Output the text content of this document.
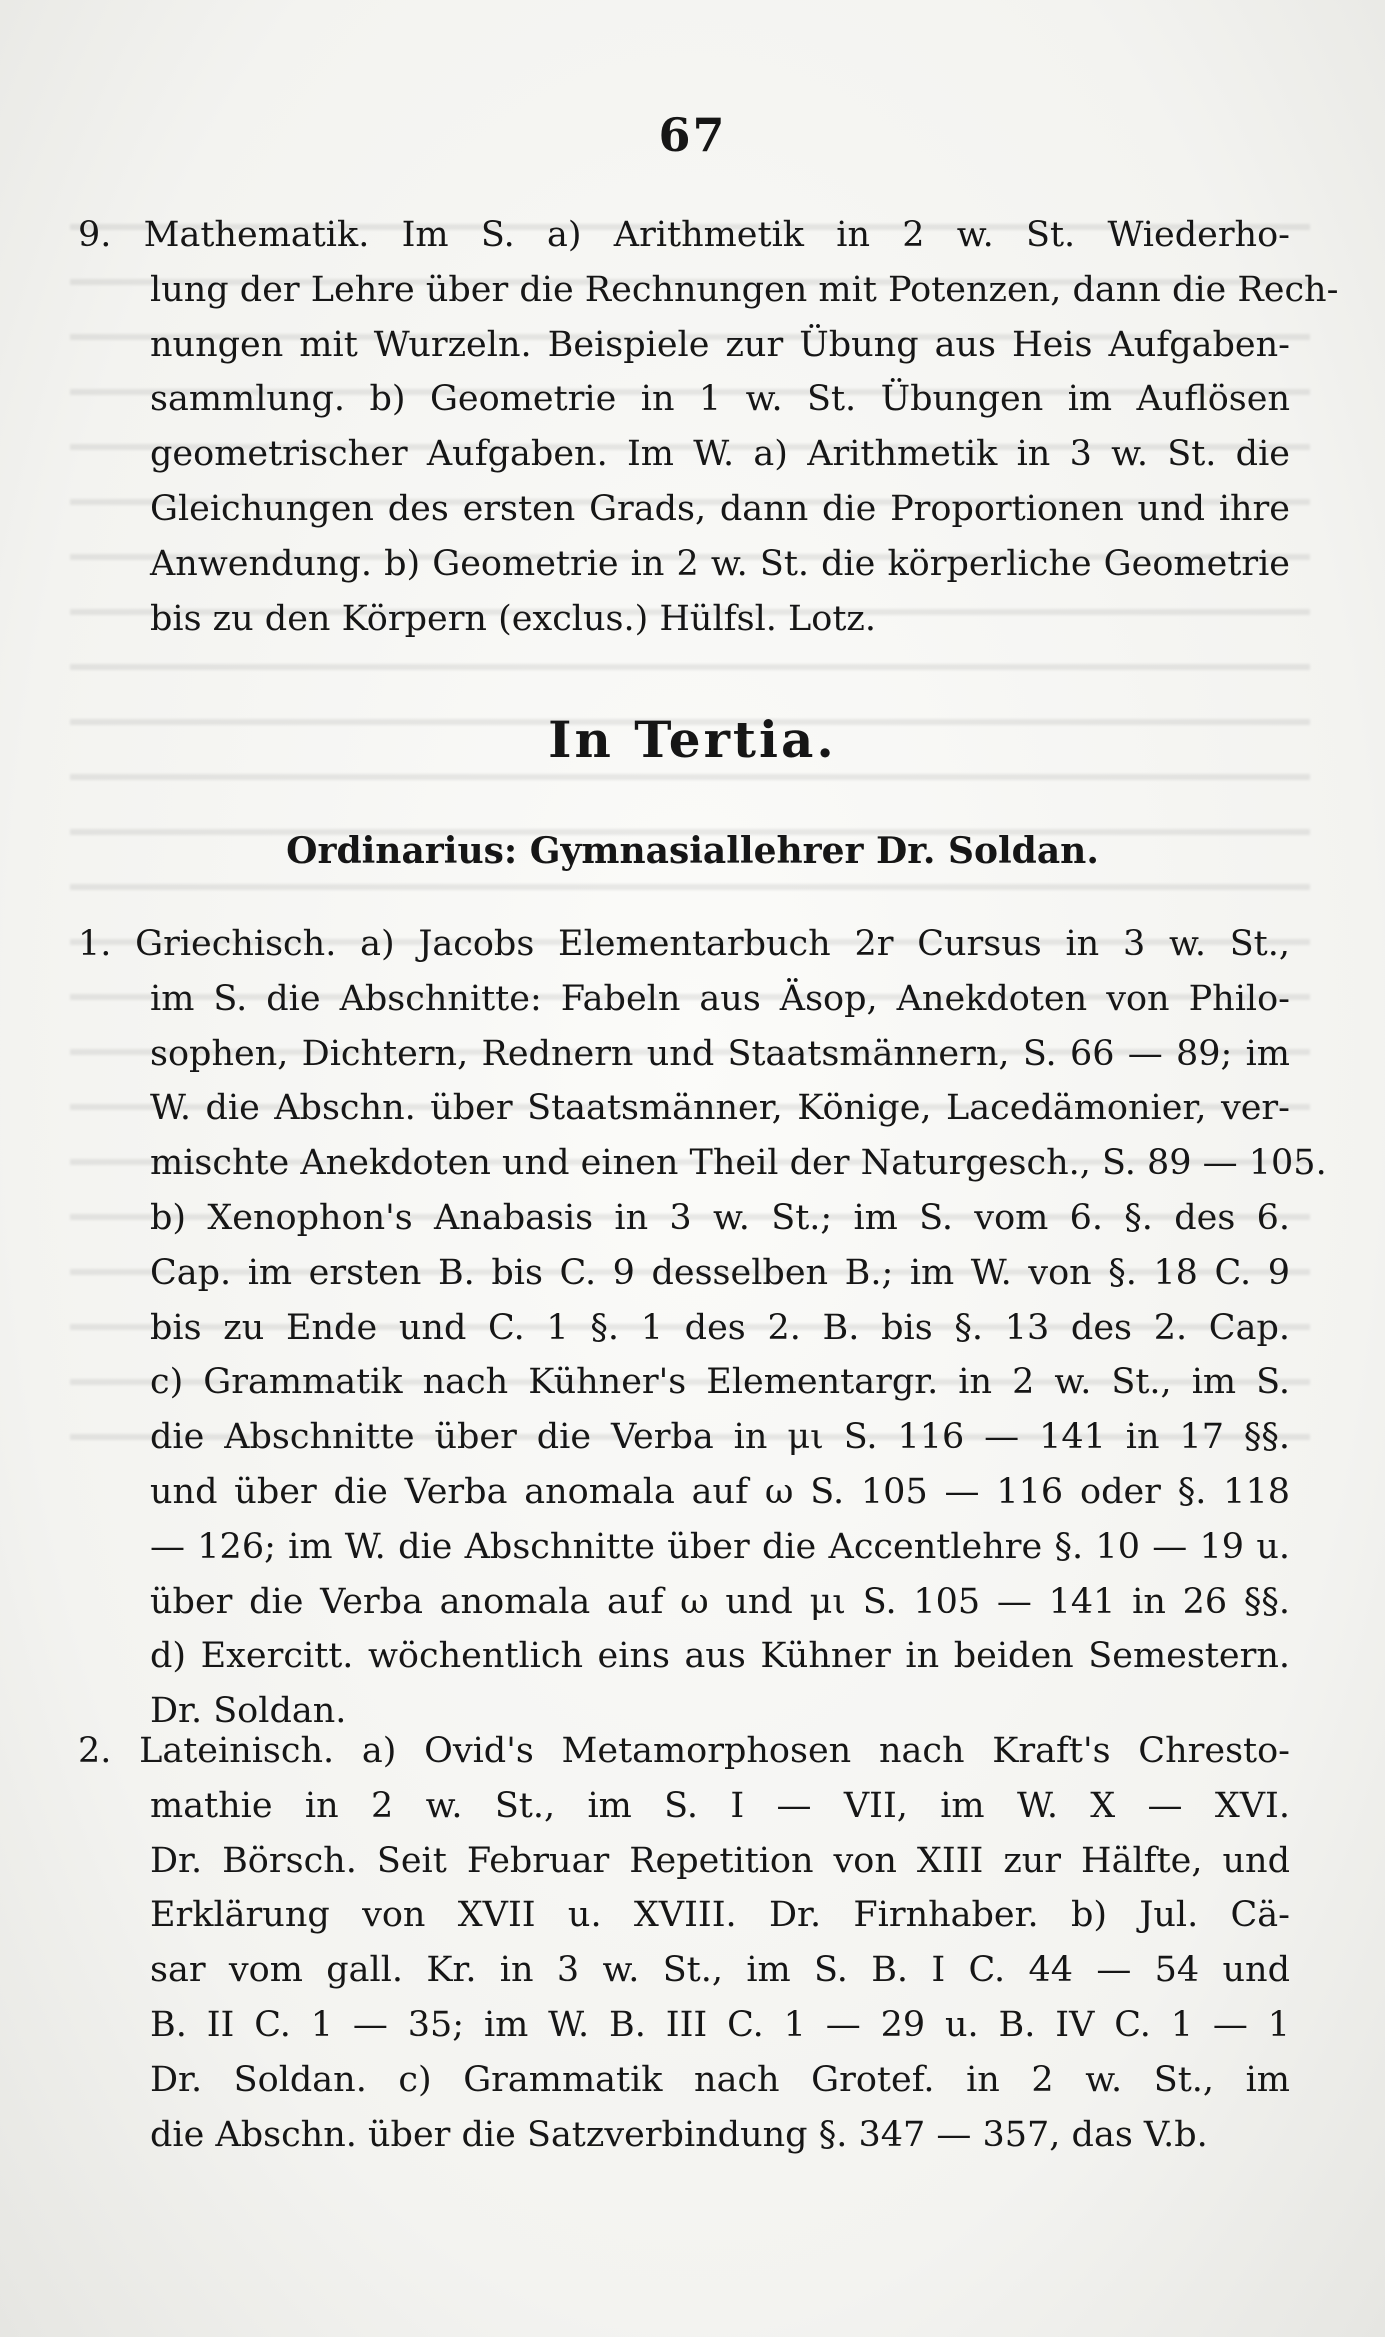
67
9. Mathematik. Im S. a) Arithmetik in 2 w. St. Wiederho-
lung der Lehre über die Rechnungen mit Potenzen, dann die Rech-
nungen mit Wurzeln. Beispiele zur Übung aus Heis Aufgaben-
sammlung. b) Geometrie in 1 w. St. Übungen im Auflösen
geometrischer Aufgaben. Im W. a) Arithmetik in 3 w. St. die
Gleichungen des ersten Grads, dann die Proportionen und ihre
Anwendung. b) Geometrie in 2 w. St. die körperliche Geometrie
bis zu den Körpern (exclus.) Hülfsl. Lotz.
In Tertia.
Ordinarius: Gymnasiallehrer Dr. Soldan.
1. Griechisch. a) Jacobs Elementarbuch 2r Cursus in 3 w. St.,
im S. die Abschnitte: Fabeln aus Äsop, Anekdoten von Philo-
sophen, Dichtern, Rednern und Staatsmännern, S. 66 — 89; im
W. die Abschn. über Staatsmänner, Könige, Lacedämonier, ver-
mischte Anekdoten und einen Theil der Naturgesch., S. 89 — 105.
b) Xenophon's Anabasis in 3 w. St.; im S. vom 6. §. des 6.
Cap. im ersten B. bis C. 9 desselben B.; im W. von §. 18 C. 9
bis zu Ende und C. 1 §. 1 des 2. B. bis §. 13 des 2. Cap.
c) Grammatik nach Kühner's Elementargr. in 2 w. St., im S.
die Abschnitte über die Verba in μι S. 116 — 141 in 17 §§.
und über die Verba anomala auf ω S. 105 — 116 oder §. 118
— 126; im W. die Abschnitte über die Accentlehre §. 10 — 19 u.
über die Verba anomala auf ω und μι S. 105 — 141 in 26 §§.
d) Exercitt. wöchentlich eins aus Kühner in beiden Semestern.
Dr. Soldan.
2. Lateinisch. a) Ovid's Metamorphosen nach Kraft's Chresto-
mathie in 2 w. St., im S. I — VII, im W. X — XVI.
Dr. Börsch. Seit Februar Repetition von XIII zur Hälfte, und
Erklärung von XVII u. XVIII. Dr. Firnhaber. b) Jul. Cä-
sar vom gall. Kr. in 3 w. St., im S. B. I C. 44 — 54 und
B. II C. 1 — 35; im W. B. III C. 1 — 29 u. B. IV C. 1 — 1
Dr. Soldan. c) Grammatik nach Grotef. in 2 w. St., im
die Abschn. über die Satzverbindung §. 347 — 357, das V.b.
